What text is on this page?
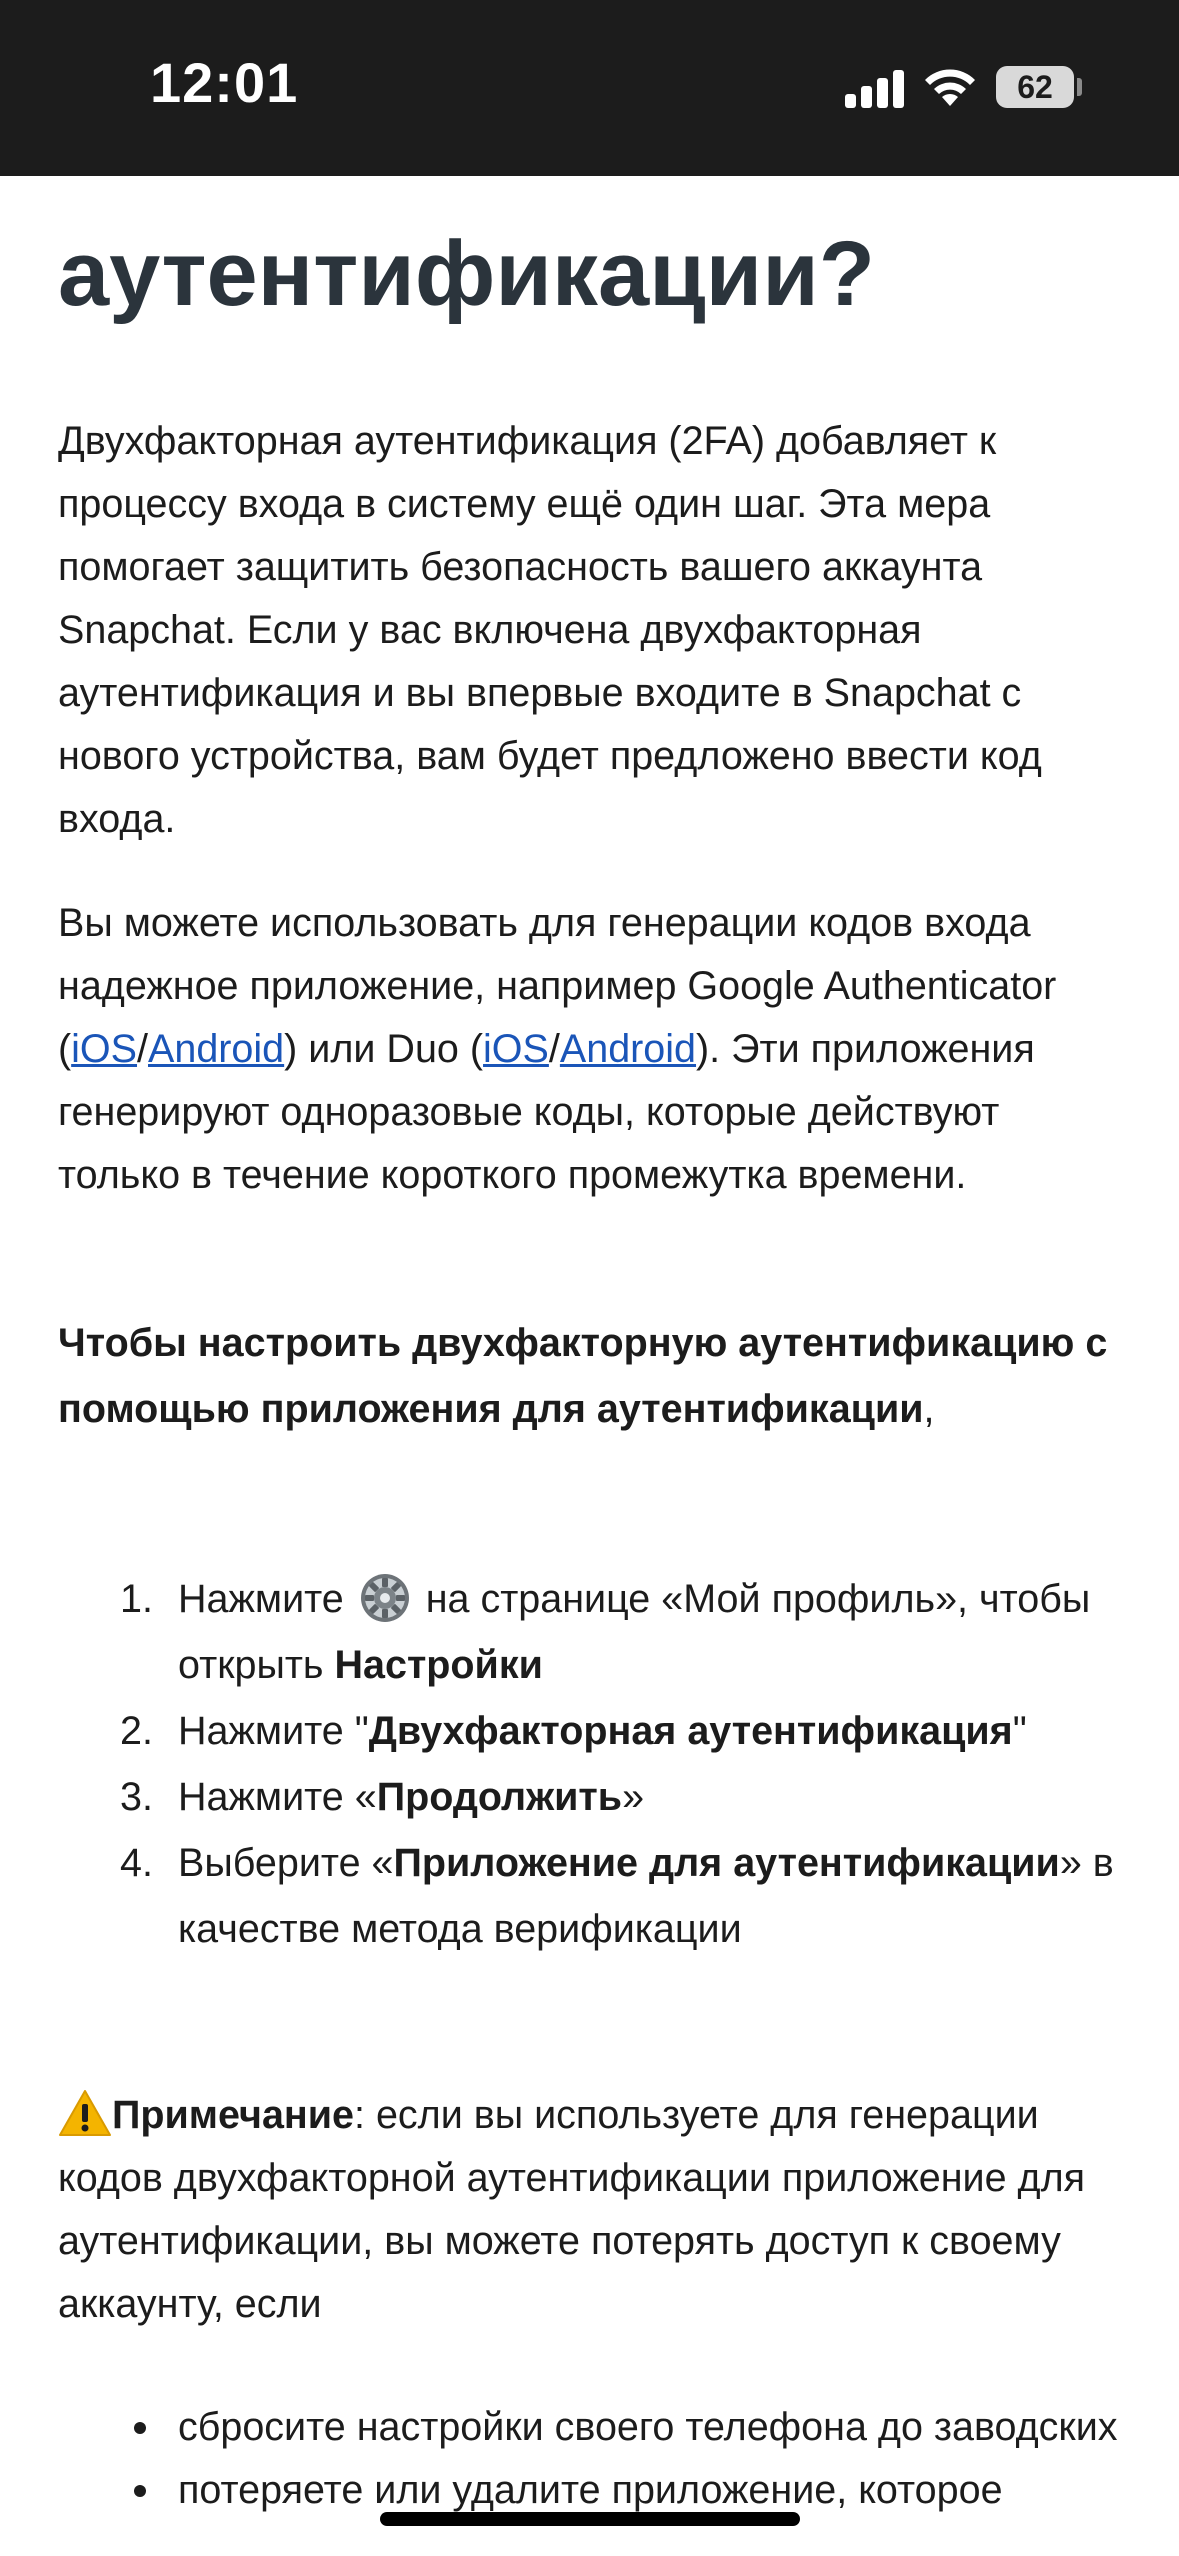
12:01	62
аутентификации?

Двухфакторная аутентификация (2FA) добавляет к процессу входа в систему ещё один шаг. Эта мера помогает защитить безопасность вашего аккаунта Snapchat. Если у вас включена двухфакторная аутентификация и вы впервые входите в Snapchat с нового устройства, вам будет предложено ввести код входа.

Вы можете использовать для генерации кодов входа надежное приложение, например Google Authenticator (iOS/Android) или Duo (iOS/Android). Эти приложения генерируют одноразовые коды, которые действуют только в течение короткого промежутка времени.

Чтобы настроить двухфакторную аутентификацию с помощью приложения для аутентификации,

1. Нажмите  на странице «Мой профиль», чтобы открыть Настройки
2. Нажмите "Двухфакторная аутентификация"
3. Нажмите «Продолжить»
4. Выберите «Приложение для аутентификации» в качестве метода верификации

Примечание: если вы используете для генерации кодов двухфакторной аутентификации приложение для аутентификации, вы можете потерять доступ к своему аккаунту, если

сбросите настройки своего телефона до заводских
потеряете или удалите приложение, которое
